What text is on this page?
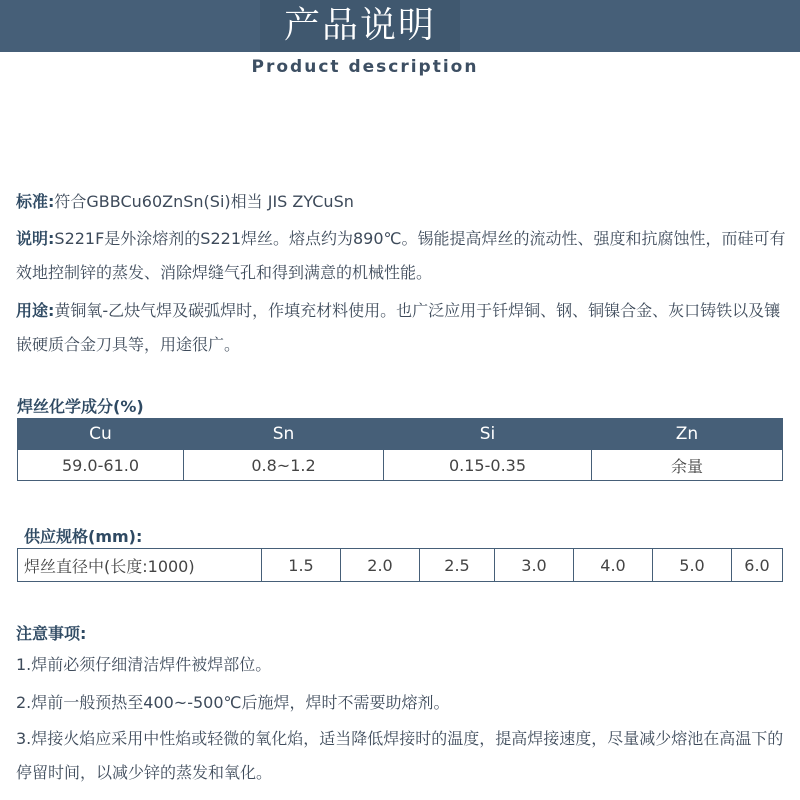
产品说明
Product description
标准:符合GBBCu60ZnSn(Si)相当 JIS ZYCuSn
说明:S221F是外涂熔剂的S221焊丝。熔点约为890℃。锡能提高焊丝的流动性、强度和抗腐蚀性，而硅可有效地控制锌的蒸发、消除焊缝气孔和得到满意的机械性能。
用途:黄铜氧-乙炔气焊及碳弧焊时，作填充材料使用。也广泛应用于钎焊铜、钢、铜镍合金、灰口铸铁以及镶嵌硬质合金刀具等，用途很广。
焊丝化学成分(%)
Cu	Sn	Si	Zn
59.0-61.0	0.8~1.2	0.15-0.35	余量
供应规格(mm):
焊丝直径中(长度:1000)	1.5	2.0	2.5	3.0	4.0	5.0	6.0
注意事项:
1.焊前必须仔细清洁焊件被焊部位。
2.焊前一般预热至400~-500℃后施焊，焊时不需要助熔剂。
3.焊接火焰应采用中性焰或轻微的氧化焰，适当降低焊接时的温度，提高焊接速度，尽量减少熔池在高温下的停留时间，以减少锌的蒸发和氧化。
